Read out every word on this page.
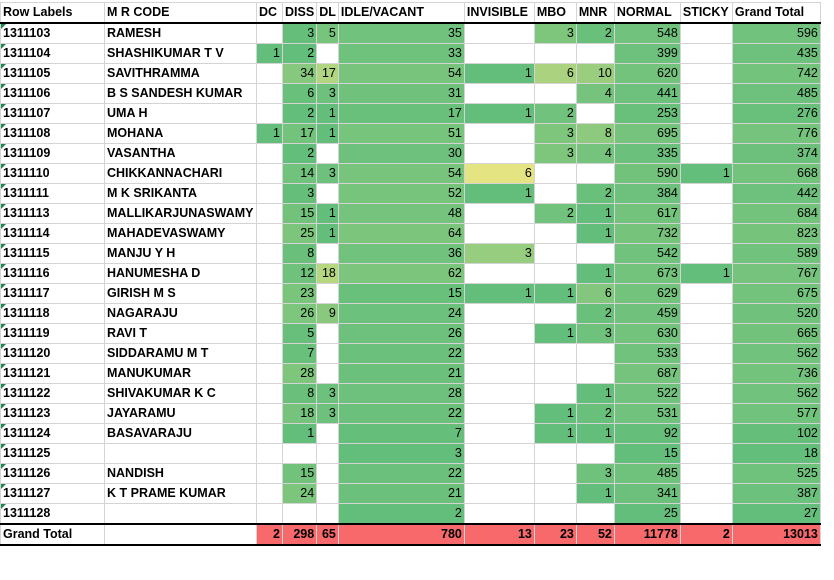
Row Labels	M R CODE	DC	DISS	DL	IDLE/VACANT	INVISIBLE	MBO	MNR	NORMAL	STICKY	Grand Total
1311103	RAMESH		3	5	35		3	2	548		596
1311104	SHASHIKUMAR T V	1	2		33				399		435
1311105	SAVITHRAMMA		34	17	54	1	6	10	620		742
1311106	B S SANDESH KUMAR		6	3	31			4	441		485
1311107	UMA H		2	1	17	1	2		253		276
1311108	MOHANA	1	17	1	51		3	8	695		776
1311109	VASANTHA		2		30		3	4	335		374
1311110	CHIKKANNACHARI		14	3	54	6			590	1	668
1311111	M K SRIKANTA		3		52	1		2	384		442
1311113	MALLIKARJUNASWAMY		15	1	48		2	1	617		684
1311114	MAHADEVASWAMY		25	1	64			1	732		823
1311115	MANJU Y H		8		36	3			542		589
1311116	HANUMESHA D		12	18	62			1	673	1	767
1311117	GIRISH M S		23		15	1	1	6	629		675
1311118	NAGARAJU		26	9	24			2	459		520
1311119	RAVI T		5		26		1	3	630		665
1311120	SIDDARAMU M T		7		22				533		562
1311121	MANUKUMAR		28		21				687		736
1311122	SHIVAKUMAR K C		8	3	28			1	522		562
1311123	JAYARAMU		18	3	22		1	2	531		577
1311124	BASAVARAJU		1		7		1	1	92		102
1311125					3				15		18
1311126	NANDISH		15		22			3	485		525
1311127	K T PRAME KUMAR		24		21			1	341		387
1311128					2				25		27
Grand Total		2	298	65	780	13	23	52	11778	2	13013
